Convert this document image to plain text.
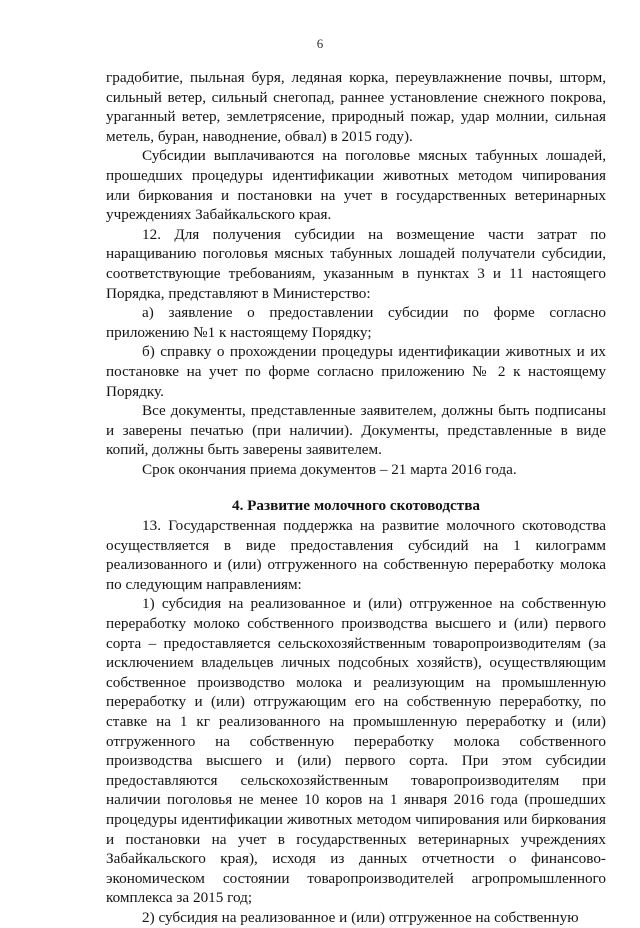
6

градобитие, пыльная буря, ледяная корка, переувлажнение почвы, шторм, сильный ветер, сильный снегопад, раннее установление снежного покрова, ураганный ветер, землетрясение, природный пожар, удар молнии, сильная метель, буран, наводнение, обвал) в 2015 году).

Субсидии выплачиваются на поголовье мясных табунных лошадей, прошедших процедуры идентификации животных методом чипирования или биркования и постановки на учет в государственных ветеринарных учреждениях Забайкальского края.

12. Для получения субсидии на возмещение части затрат по наращиванию поголовья мясных табунных лошадей получатели субсидии, соответствующие требованиям, указанным в пунктах 3 и 11 настоящего Порядка, представляют в Министерство:

а) заявление о предоставлении субсидии по форме согласно приложению №1 к настоящему Порядку;

б) справку о прохождении процедуры идентификации животных и их постановке на учет по форме согласно приложению № 2 к настоящему Порядку.

Все документы, представленные заявителем, должны быть подписаны и заверены печатью (при наличии). Документы, представленные в виде копий, должны быть заверены заявителем.

Срок окончания приема документов – 21 марта 2016 года.

4. Развитие молочного скотоводства

13. Государственная поддержка на развитие молочного скотоводства осуществляется в виде предоставления субсидий на 1 килограмм реализованного и (или) отгруженного на собственную переработку молока по следующим направлениям:

1) субсидия на реализованное и (или) отгруженное на собственную переработку молоко собственного производства высшего и (или) первого сорта – предоставляется сельскохозяйственным товаропроизводителям (за исключением владельцев личных подсобных хозяйств), осуществляющим собственное производство молока и реализующим на промышленную переработку и (или) отгружающим его на собственную переработку, по ставке на 1 кг реализованного на промышленную переработку и (или) отгруженного на собственную переработку молока собственного производства высшего и (или) первого сорта. При этом субсидии предоставляются сельскохозяйственным товаропроизводителям при наличии поголовья не менее 10 коров на 1 января 2016 года (прошедших процедуры идентификации животных методом чипирования или биркования и постановки на учет в государственных ветеринарных учреждениях Забайкальского края), исходя из данных отчетности о финансово-экономическом состоянии товаропроизводителей агропромышленного комплекса за 2015 год;

2) субсидия на реализованное и (или) отгруженное на собственную
